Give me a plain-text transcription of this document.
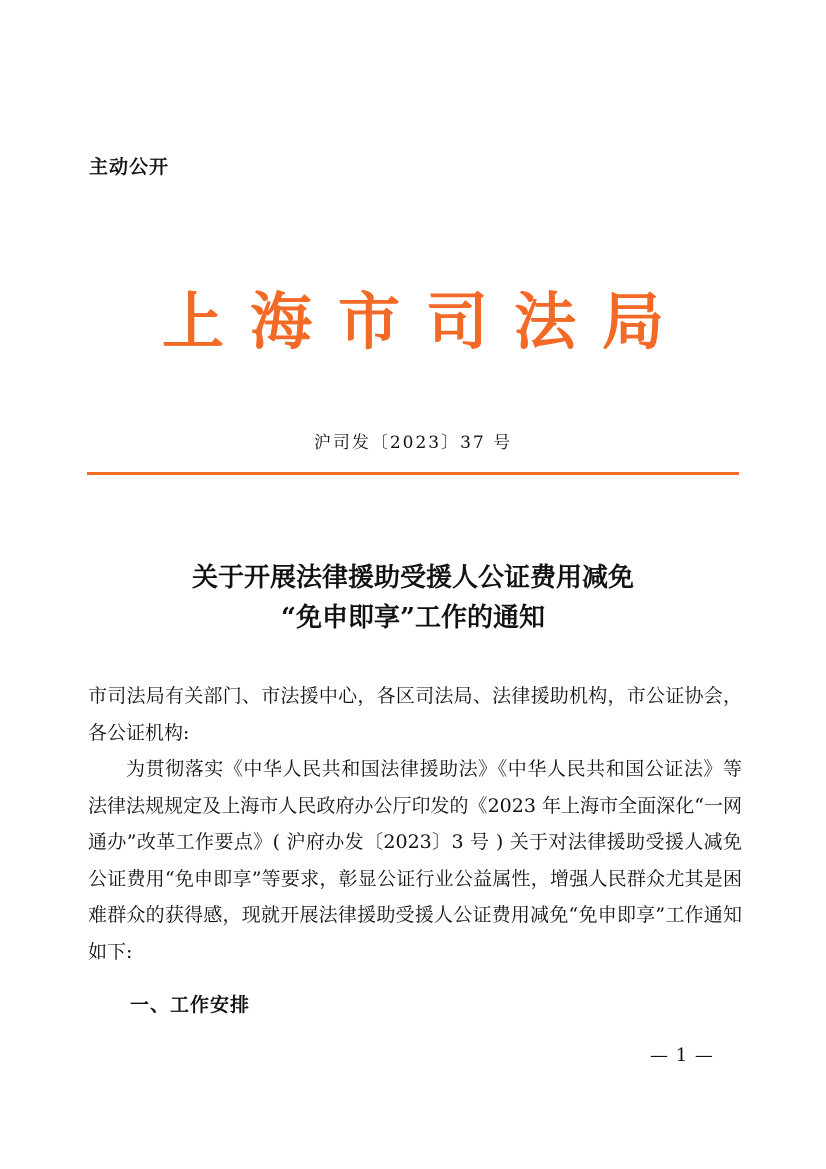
主动公开
上海市司法局
沪司发〔2023〕37 号
关于开展法律援助受援人公证费用减免
“免申即享”工作的通知
市司法局有关部门、市法援中心，各区司法局、法律援助机构，市公证协会，各公证机构:
为贯彻落实《中华人民共和国法律援助法》《中华人民共和国公证法》等法律法规规定及上海市人民政府办公厅印发的《2023 年上海市全面深化“一网通办”改革工作要点》( 沪府办发〔2023〕3 号 ) 关于对法律援助受援人减免公证费用“免申即享”等要求，彰显公证行业公益属性，增强人民群众尤其是困难群众的获得感，现就开展法律援助受援人公证费用减免“免申即享”工作通知如下:
一、工作安排
— 1 —
